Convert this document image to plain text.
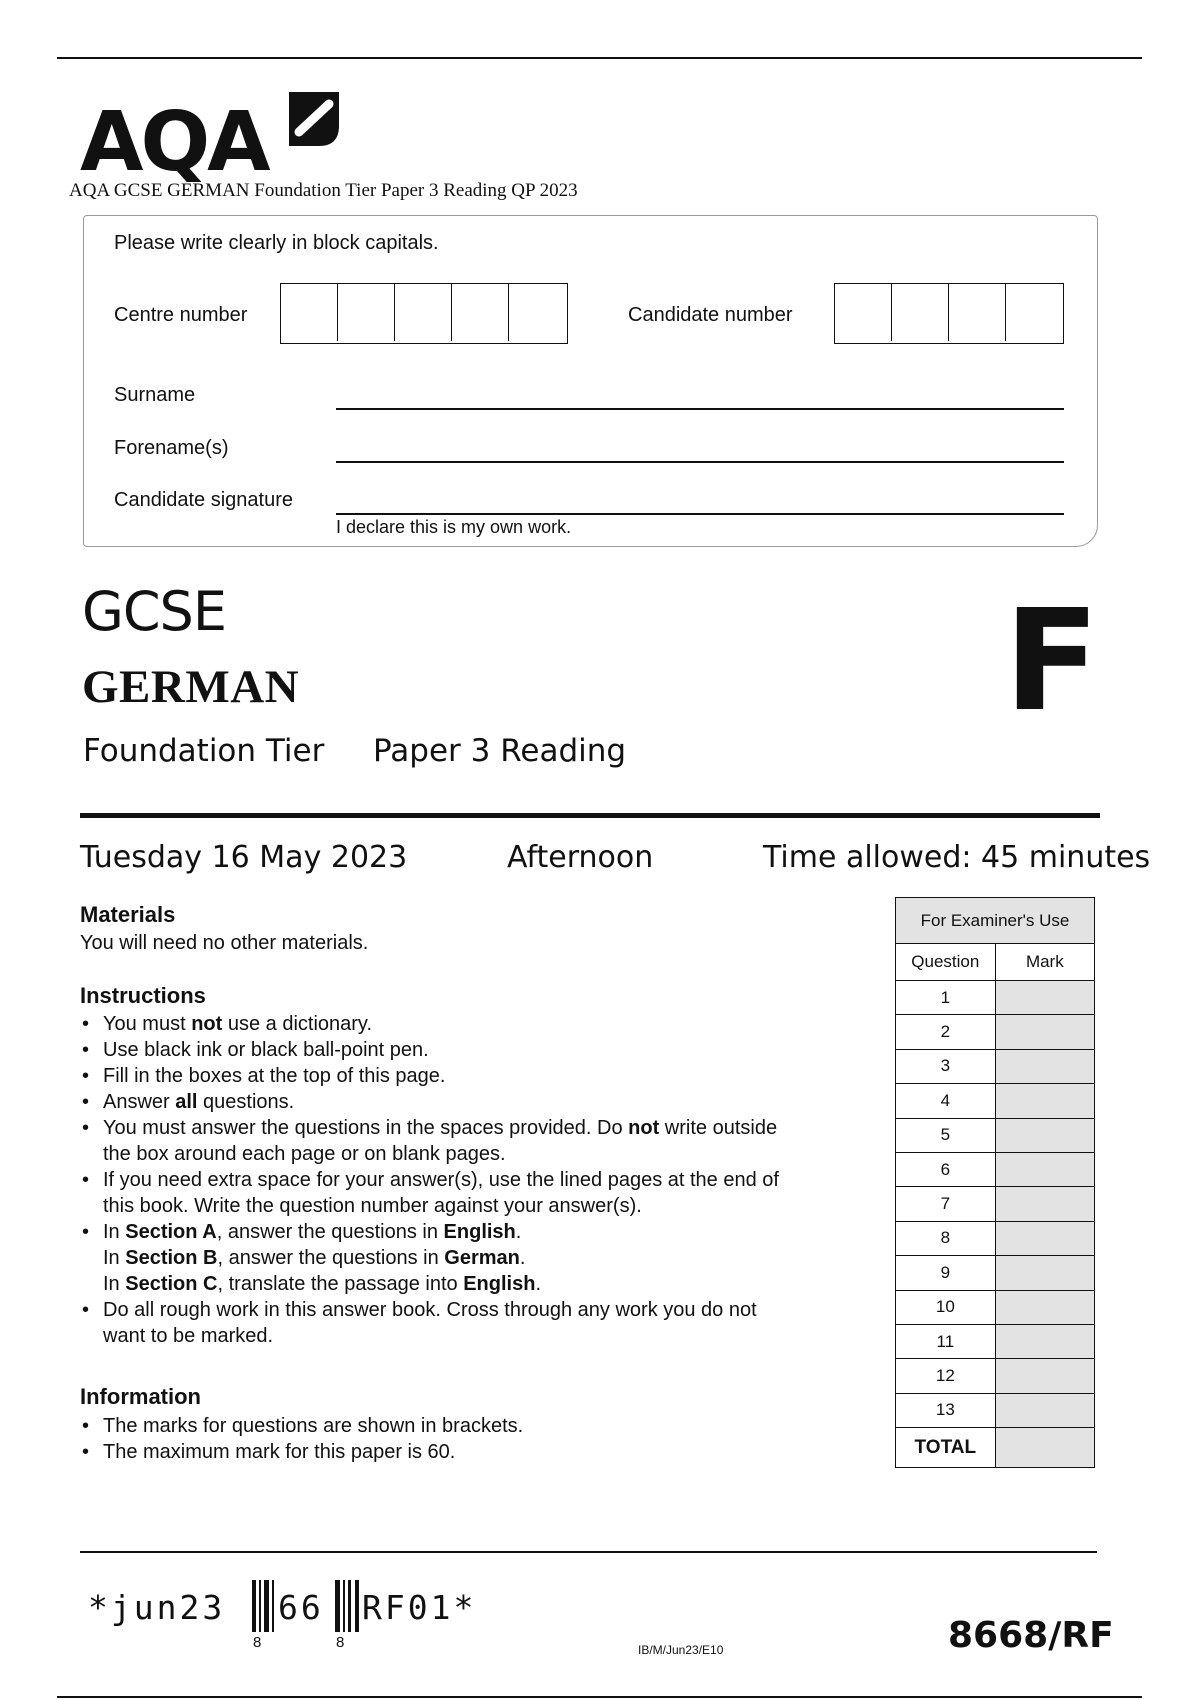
AQA
AQA GCSE GERMAN Foundation Tier Paper 3 Reading QP 2023
Please write clearly in block capitals.
Centre number	Candidate number
Surname
Forename(s)
Candidate signature
I declare this is my own work.
GCSE
GERMAN
Foundation Tier Paper 3 Reading
F
Tuesday 16 May 2023	Afternoon	Time allowed: 45 minutes
Materials
You will need no other materials.
Instructions
• You must not use a dictionary.
• Use black ink or black ball-point pen.
• Fill in the boxes at the top of this page.
• Answer all questions.
• You must answer the questions in the spaces provided. Do not write outside
the box around each page or on blank pages.
• If you need extra space for your answer(s), use the lined pages at the end of
this book. Write the question number against your answer(s).
• In Section A, answer the questions in English.
In Section B, answer the questions in German.
In Section C, translate the passage into English.
• Do all rough work in this answer book. Cross through any work you do not
want to be marked.
Information
• The marks for questions are shown in brackets.
• The maximum mark for this paper is 60.
For Examiner's Use	
Question	Mark
1	
2	
3	
4	
5	
6	
7	
8	
9	
10	
11	
12	
13	
TOTAL	
*jun23
8
66
8
RF01*
IB/M/Jun23/E10	8668/RF
